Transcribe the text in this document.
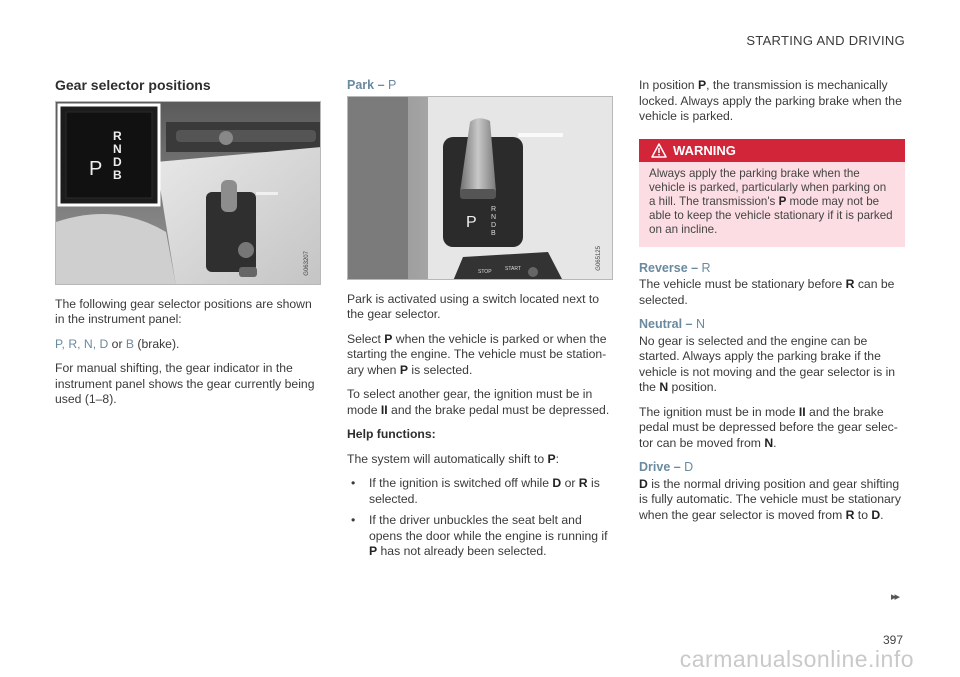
STARTING AND DRIVING
Gear selector positions
P
R
N
D
B
G063207

The following gear selector positions are shown in the instrument panel:

P, R, N, D or B (brake).

For manual shifting, the gear indicator in the instrument panel shows the gear currently being used (1–8).

Park – P
P
R
N
D
B
STOP	START	G065125

Park is activated using a switch located next to the gear selector.

Select P when the vehicle is parked or when the starting the engine. The vehicle must be station-ary when P is selected.

To select another gear, the ignition must be in mode II and the brake pedal must be depressed.

Help functions:

The system will automatically shift to P:

• If the ignition is switched off while D or R is selected.
• If the driver unbuckles the seat belt and opens the door while the engine is running if P has not already been selected.

In position P, the transmission is mechanically locked. Always apply the parking brake when the vehicle is parked.

WARNING
Always apply the parking brake when the vehicle is parked, particularly when parking on a hill. The transmission's P mode may not be able to keep the vehicle stationary if it is parked on an incline.
Reverse – R

The vehicle must be stationary before R can be selected.

Neutral – N

No gear is selected and the engine can be started. Always apply the parking brake if the vehicle is not moving and the gear selector is in the N position.

The ignition must be in mode II and the brake pedal must be depressed before the gear selec-tor can be moved from N.

Drive – D

D is the normal driving position and gear shifting is fully automatic. The vehicle must be stationary when the gear selector is moved from R to D.

▸▸
397
carmanualsonline.info
